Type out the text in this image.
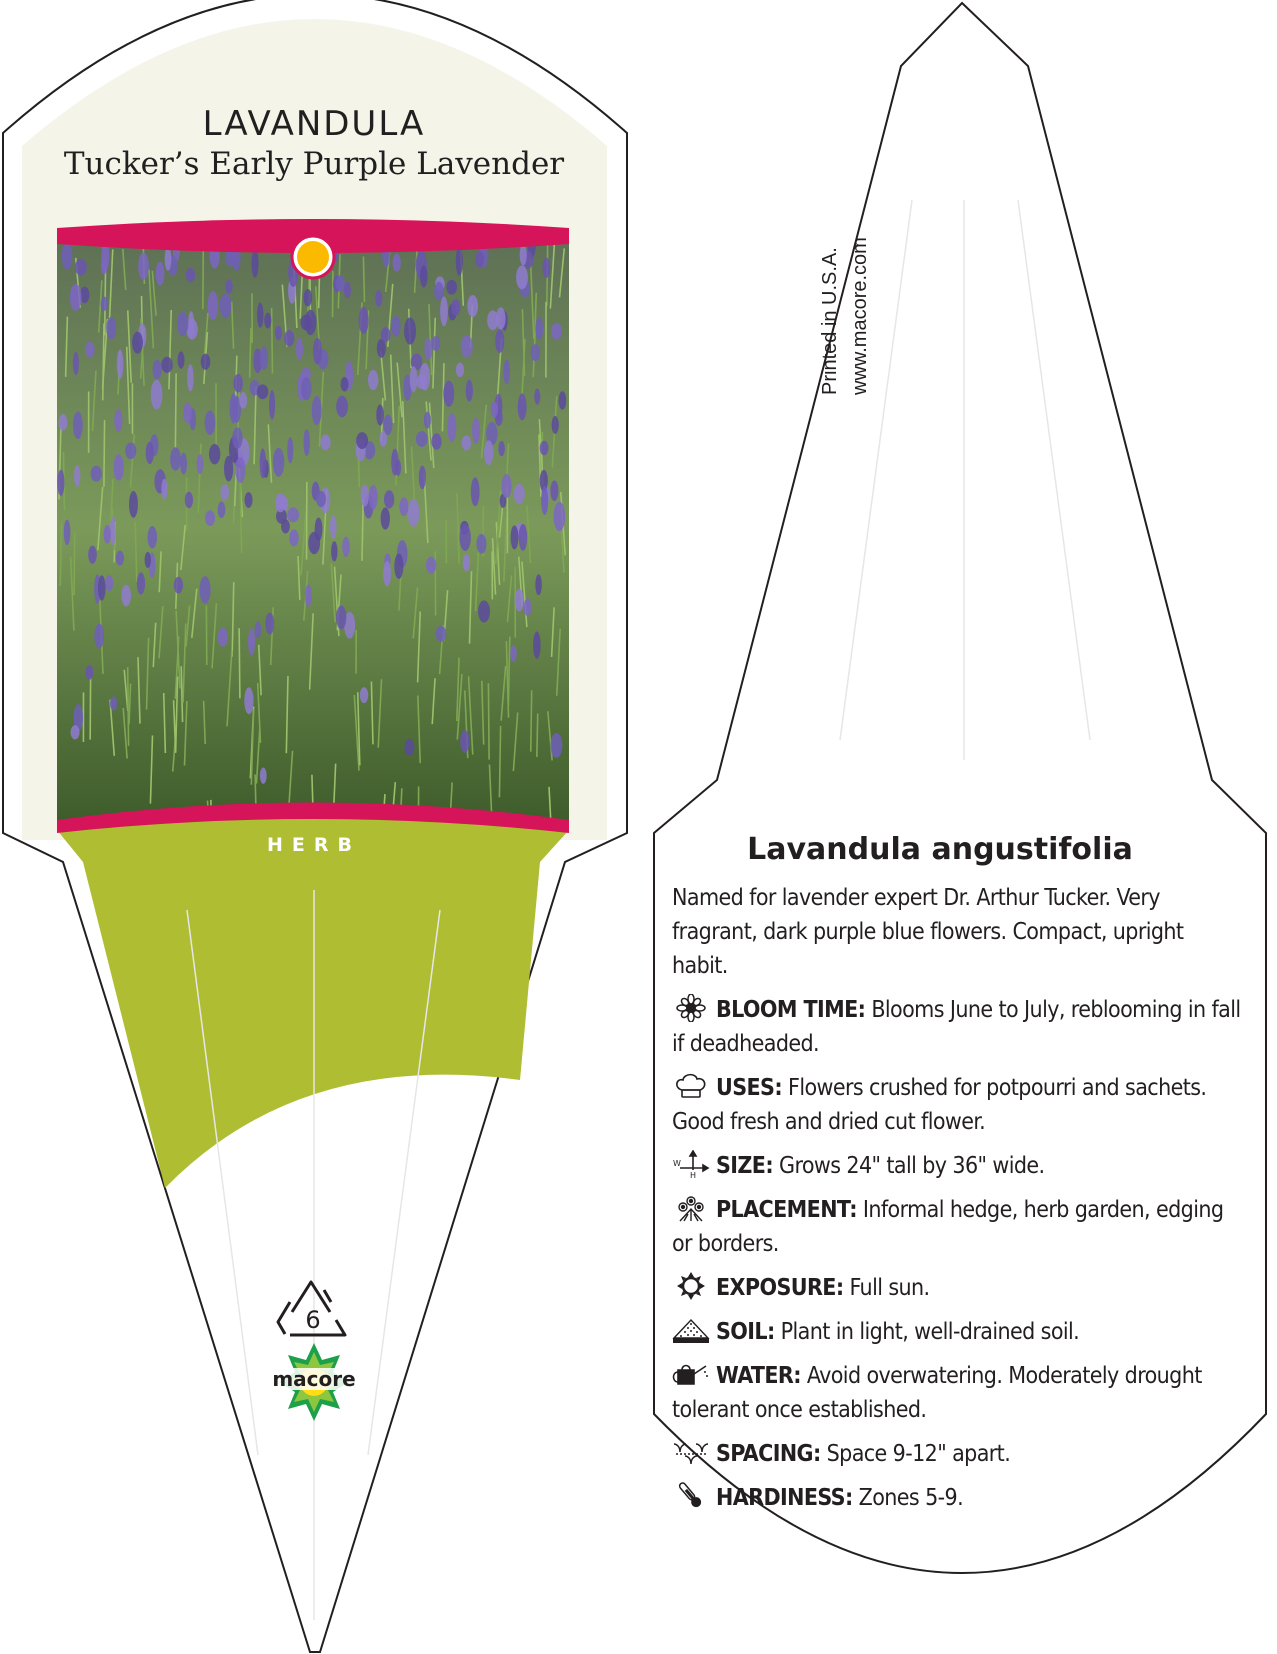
6
macore
LAVANDULA
Tucker’s Early Purple Lavender
HERB
Printed in U.S.A. www.macore.com
Lavandula angustifolia
Named for lavender expert Dr. Arthur Tucker. Very fragrant, dark purple blue flowers. Compact, upright habit.
BLOOM TIME: Blooms June to July, reblooming in fall if deadheaded.
USES: Flowers crushed for potpourri and sachets. Good fresh and dried cut flower.
W
H SIZE: Grows 24" tall by 36" wide.
PLACEMENT: Informal hedge, herb garden, edging or borders.
EXPOSURE: Full sun.
SOIL: Plant in light, well-drained soil.
WATER: Avoid overwatering. Moderately drought tolerant once established.
SPACING: Space 9-12" apart.
HARDINESS: Zones 5-9.
